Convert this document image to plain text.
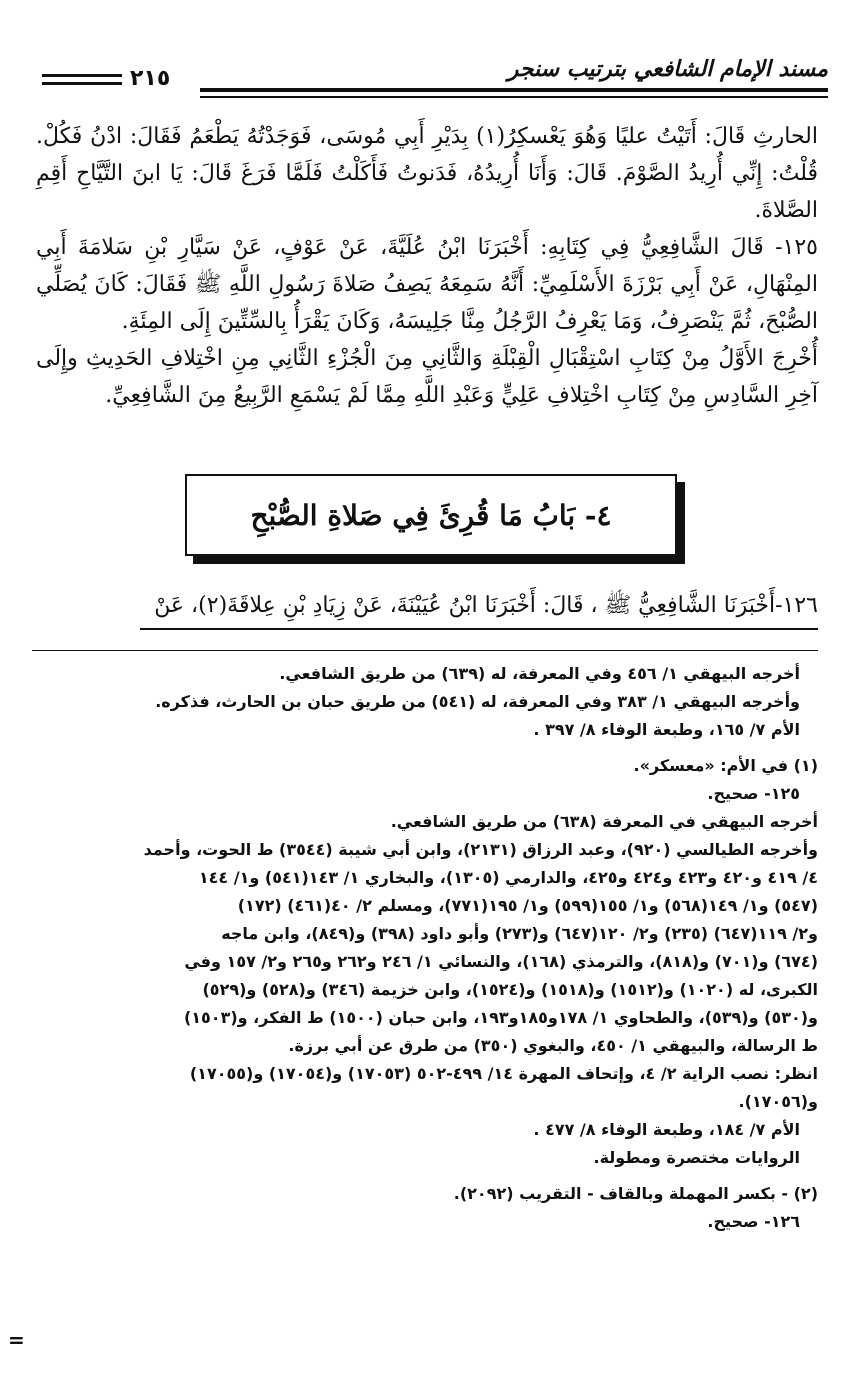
مسند الإمام الشافعي بترتيب سنجر
٢١٥

الحارثِ قَالَ: أَتَيْتُ عليًا وَهُوَ يَعْسكِرُ(١) بِدَيْرِ أَبِي مُوسَى، فَوَجَدْتُهُ يَطْعَمُ فَقَالَ: ادْنُ فَكُلْ. قُلْتُ: إِنِّي أُرِيدُ الصَّوْمَ. قَالَ: وَأَنَا أُرِيدُهُ، فَدَنوتُ فَأَكَلْتُ فَلَمَّا فَرَغَ قَالَ: يَا ابنَ التَّيَّاحِ أَقِمِ الصَّلاةَ.

١٢٥- قَالَ الشَّافِعِيُّ فِي كِتَابِهِ: أَخْبَرَنَا ابْنُ عُلَيَّةَ، عَنْ عَوْفٍ، عَنْ سَيَّارِ بْنِ سَلامَةَ أَبِي المِنْهَالِ، عَنْ أَبِي بَرْزَةَ الأَسْلَمِيِّ: أَنَّهُ سَمِعَهُ يَصِفُ صَلاةَ رَسُولِ اللَّهِ ﷺ فَقَالَ: كَانَ يُصَلِّي الصُّبْحَ، ثُمَّ يَنْصَرِفُ، وَمَا يَعْرِفُ الرَّجُلُ مِنَّا جَلِيسَهُ، وَكَانَ يَقْرَأُ بِالسِّتِّينَ إِلَى المِئَةِ.

أُخْرِجَ الأَوَّلُ مِنْ كِتَابِ اسْتِقْبَالِ الْقِبْلَةِ وَالثَّانِي مِنَ الْجُزْءِ الثَّانِي مِنِ اخْتِلافِ الحَدِيثِ وإِلَى آخِرِ السَّادِسِ مِنْ كِتَابِ اخْتِلافِ عَلِيٍّ وَعَبْدِ اللَّهِ مِمَّا لَمْ يَسْمَعِ الرَّبِيعُ مِنَ الشَّافِعِيِّ.

٤- بَابُ مَا قُرِئَ فِي صَلاةِ الصُّبْحِ
١٢٦-أَخْبَرَنَا الشَّافِعِيُّ ﷺ ، قَالَ: أَخْبَرَنَا ابْنُ عُيَيْنَةَ، عَنْ زِيَادِ بْنِ عِلاقَةَ(٢)، عَنْ
أخرجه البيهقي ١/ ٤٥٦ وفي المعرفة، له (٦٣٩) من طريق الشافعي.
وأخرجه البيهقي ١/ ٣٨٣ وفي المعرفة، له (٥٤١) من طريق حبان بن الحارث، فذكره.
الأم ٧/ ١٦٥، وطبعة الوفاء ٨/ ٣٩٧ .
(١) في الأم: «معسكر».
١٢٥- صحيح.
أخرجه البيهقي في المعرفة (٦٣٨) من طريق الشافعي.
وأخرجه الطيالسي (٩٢٠)، وعبد الرزاق (٢١٣١)، وابن أبي شيبة (٣٥٤٤) ط الحوت، وأحمد
٤/ ٤١٩ و٤٢٠ و٤٢٣ و٤٢٤ و٤٢٥، والدارمي (١٣٠٥)، والبخاري ١/ ١٤٣(٥٤١) و١/ ١٤٤
(٥٤٧) و١/ ١٤٩(٥٦٨) و١/ ١٥٥(٥٩٩) و١/ ١٩٥(٧٧١)، ومسلم ٢/ ٤٠(٤٦١) (١٧٢)
و٢/ ١١٩(٦٤٧) (٢٣٥) و٢/ ١٢٠(٦٤٧) و(٢٧٣) وأبو داود (٣٩٨) و(٨٤٩)، وابن ماجه
(٦٧٤) و(٧٠١) و(٨١٨)، والترمذي (١٦٨)، والنسائي ١/ ٢٤٦ و٢٦٢ و٢٦٥ و٢/ ١٥٧ وفي
الكبرى، له (١٠٢٠) و(١٥١٢) و(١٥١٨) و(١٥٢٤)، وابن خزيمة (٣٤٦) و(٥٢٨) و(٥٢٩)
و(٥٣٠) و(٥٣٩)، والطحاوي ١/ ١٧٨و١٨٥و١٩٣، وابن حبان (١٥٠٠) ط الفكر، و(١٥٠٣)
ط الرسالة، والبيهقي ١/ ٤٥٠، والبغوي (٣٥٠) من طرق عن أبي برزة.
انظر: نصب الراية ٢/ ٤، وإتحاف المهرة ١٤/ ٤٩٩-٥٠٢ (١٧٠٥٣) و(١٧٠٥٤) و(١٧٠٥٥)
و(١٧٠٥٦).
الأم ٧/ ١٨٤، وطبعة الوفاء ٨/ ٤٧٧ .
الروايات مختصرة ومطولة.
(٢) - بكسر المهملة وبالقاف - التقريب (٢٠٩٢).
١٢٦- صحيح.
=
